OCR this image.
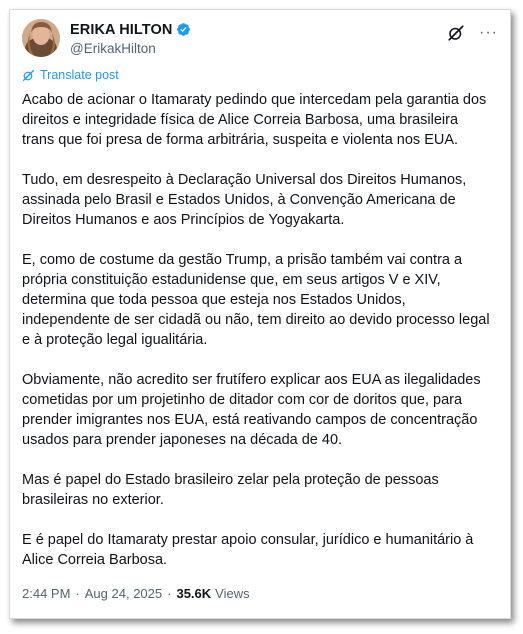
ERIKA HILTON
@ErikakHilton
···
Translate post

Acabo de acionar o Itamaraty pedindo que intercedam pela garantia dos
direitos e integridade física de Alice Correia Barbosa, uma brasileira
trans que foi presa de forma arbitrária, suspeita e violenta nos EUA.

Tudo, em desrespeito à Declaração Universal dos Direitos Humanos,
assinada pelo Brasil e Estados Unidos, à Convenção Americana de
Direitos Humanos e aos Princípios de Yogyakarta.

E, como de costume da gestão Trump, a prisão também vai contra a
própria constituição estadunidense que, em seus artigos V e XIV,
determina que toda pessoa que esteja nos Estados Unidos,
independente de ser cidadã ou não, tem direito ao devido processo legal
e à proteção legal igualitária.

Obviamente, não acredito ser frutífero explicar aos EUA as ilegalidades
cometidas por um projetinho de ditador com cor de doritos que, para
prender imigrantes nos EUA, está reativando campos de concentração
usados para prender japoneses na década de 40.

Mas é papel do Estado brasileiro zelar pela proteção de pessoas
brasileiras no exterior.

E é papel do Itamaraty prestar apoio consular, jurídico e humanitário à
Alice Correia Barbosa.

2:44 PM · Aug 24, 2025 · 35.6K Views
